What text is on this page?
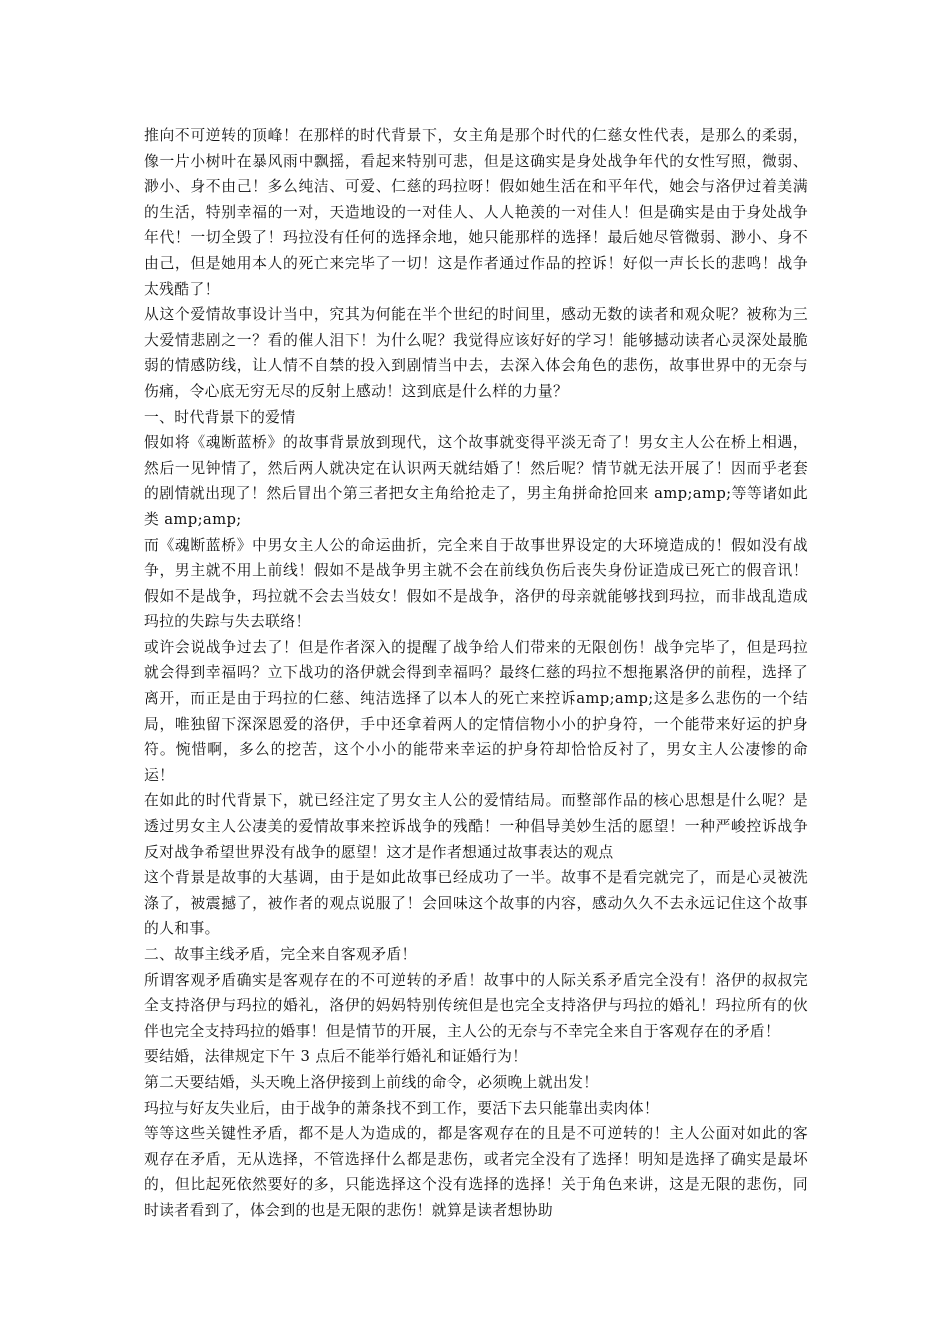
推向不可逆转的顶峰！在那样的时代背景下，女主角是那个时代的仁慈女性代表，是那么的柔弱，像一片小树叶在暴风雨中飘摇，看起来特别可悲，但是这确实是身处战争年代的女性写照，微弱、渺小、身不由己！多么纯洁、可爱、仁慈的玛拉呀！假如她生活在和平年代，她会与洛伊过着美满的生活，特别幸福的一对，天造地设的一对佳人、人人艳羡的一对佳人！但是确实是由于身处战争年代！一切全毁了！玛拉没有任何的选择余地，她只能那样的选择！最后她尽管微弱、渺小、身不由己，但是她用本人的死亡来完毕了一切！这是作者通过作品的控诉！好似一声长长的悲鸣！战争太残酷了！

从这个爱情故事设计当中，究其为何能在半个世纪的时间里，感动无数的读者和观众呢？被称为三大爱情悲剧之一？看的催人泪下！为什么呢？我觉得应该好好的学习！能够撼动读者心灵深处最脆弱的情感防线，让人情不自禁的投入到剧情当中去，去深入体会角色的悲伤，故事世界中的无奈与伤痛，令心底无穷无尽的反射上感动！这到底是什么样的力量？

一、时代背景下的爱情

假如将《魂断蓝桥》的故事背景放到现代，这个故事就变得平淡无奇了！男女主人公在桥上相遇，然后一见钟情了，然后两人就决定在认识两天就结婚了！然后呢？情节就无法开展了！因而乎老套的剧情就出现了！然后冒出个第三者把女主角给抢走了，男主角拼命抢回来 amp;amp;等等诸如此类 amp;amp;

而《魂断蓝桥》中男女主人公的命运曲折，完全来自于故事世界设定的大环境造成的！假如没有战争，男主就不用上前线！假如不是战争男主就不会在前线负伤后丧失身份证造成已死亡的假音讯！假如不是战争，玛拉就不会去当妓女！假如不是战争，洛伊的母亲就能够找到玛拉，而非战乱造成玛拉的失踪与失去联络！

或许会说战争过去了！但是作者深入的提醒了战争给人们带来的无限创伤！战争完毕了，但是玛拉就会得到幸福吗？立下战功的洛伊就会得到幸福吗？最终仁慈的玛拉不想拖累洛伊的前程，选择了离开，而正是由于玛拉的仁慈、纯洁选择了以本人的死亡来控诉amp;amp;这是多么悲伤的一个结局，唯独留下深深恩爱的洛伊，手中还拿着两人的定情信物小小的护身符，一个能带来好运的护身符。惋惜啊，多么的挖苦，这个小小的能带来幸运的护身符却恰恰反衬了，男女主人公凄惨的命运！

在如此的时代背景下，就已经注定了男女主人公的爱情结局。而整部作品的核心思想是什么呢？是透过男女主人公凄美的爱情故事来控诉战争的残酷！一种倡导美妙生活的愿望！一种严峻控诉战争反对战争希望世界没有战争的愿望！这才是作者想通过故事表达的观点

这个背景是故事的大基调，由于是如此故事已经成功了一半。故事不是看完就完了，而是心灵被洗涤了，被震撼了，被作者的观点说服了！会回味这个故事的内容，感动久久不去永远记住这个故事的人和事。

二、故事主线矛盾，完全来自客观矛盾！

所谓客观矛盾确实是客观存在的不可逆转的矛盾！故事中的人际关系矛盾完全没有！洛伊的叔叔完全支持洛伊与玛拉的婚礼，洛伊的妈妈特别传统但是也完全支持洛伊与玛拉的婚礼！玛拉所有的伙伴也完全支持玛拉的婚事！但是情节的开展，主人公的无奈与不幸完全来自于客观存在的矛盾！

要结婚，法律规定下午 3 点后不能举行婚礼和证婚行为！

第二天要结婚，头天晚上洛伊接到上前线的命令，必须晚上就出发！

玛拉与好友失业后，由于战争的萧条找不到工作，要活下去只能靠出卖肉体！

等等这些关键性矛盾，都不是人为造成的，都是客观存在的且是不可逆转的！主人公面对如此的客观存在矛盾，无从选择，不管选择什么都是悲伤，或者完全没有了选择！明知是选择了确实是最坏的，但比起死依然要好的多，只能选择这个没有选择的选择！关于角色来讲，这是无限的悲伤，同时读者看到了，体会到的也是无限的悲伤！就算是读者想协助
